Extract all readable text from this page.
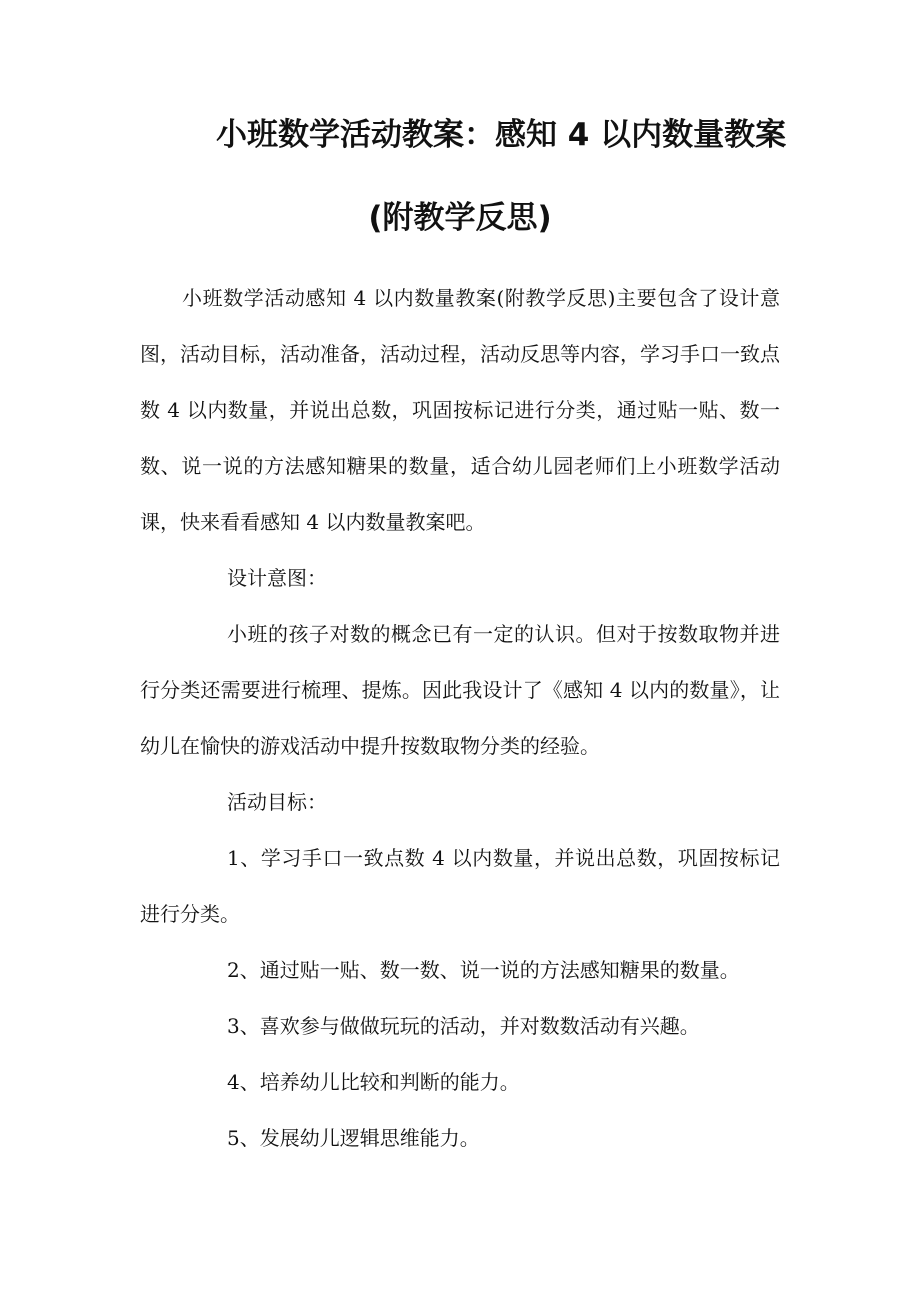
小班数学活动教案：感知 4 以内数量教案
(附教学反思)

小班数学活动感知 4 以内数量教案(附教学反思)主要包含了设计意图，活动目标，活动准备，活动过程，活动反思等内容，学习手口一致点数 4 以内数量，并说出总数，巩固按标记进行分类，通过贴一贴、数一数、说一说的方法感知糖果的数量，适合幼儿园老师们上小班数学活动课，快来看看感知 4 以内数量教案吧。

设计意图：

小班的孩子对数的概念已有一定的认识。但对于按数取物并进行分类还需要进行梳理、提炼。因此我设计了《感知 4 以内的数量》，让幼儿在愉快的游戏活动中提升按数取物分类的经验。

活动目标：

1、学习手口一致点数 4 以内数量，并说出总数，巩固按标记进行分类。

2、通过贴一贴、数一数、说一说的方法感知糖果的数量。

3、喜欢参与做做玩玩的活动，并对数数活动有兴趣。

4、培养幼儿比较和判断的能力。

5、发展幼儿逻辑思维能力。
